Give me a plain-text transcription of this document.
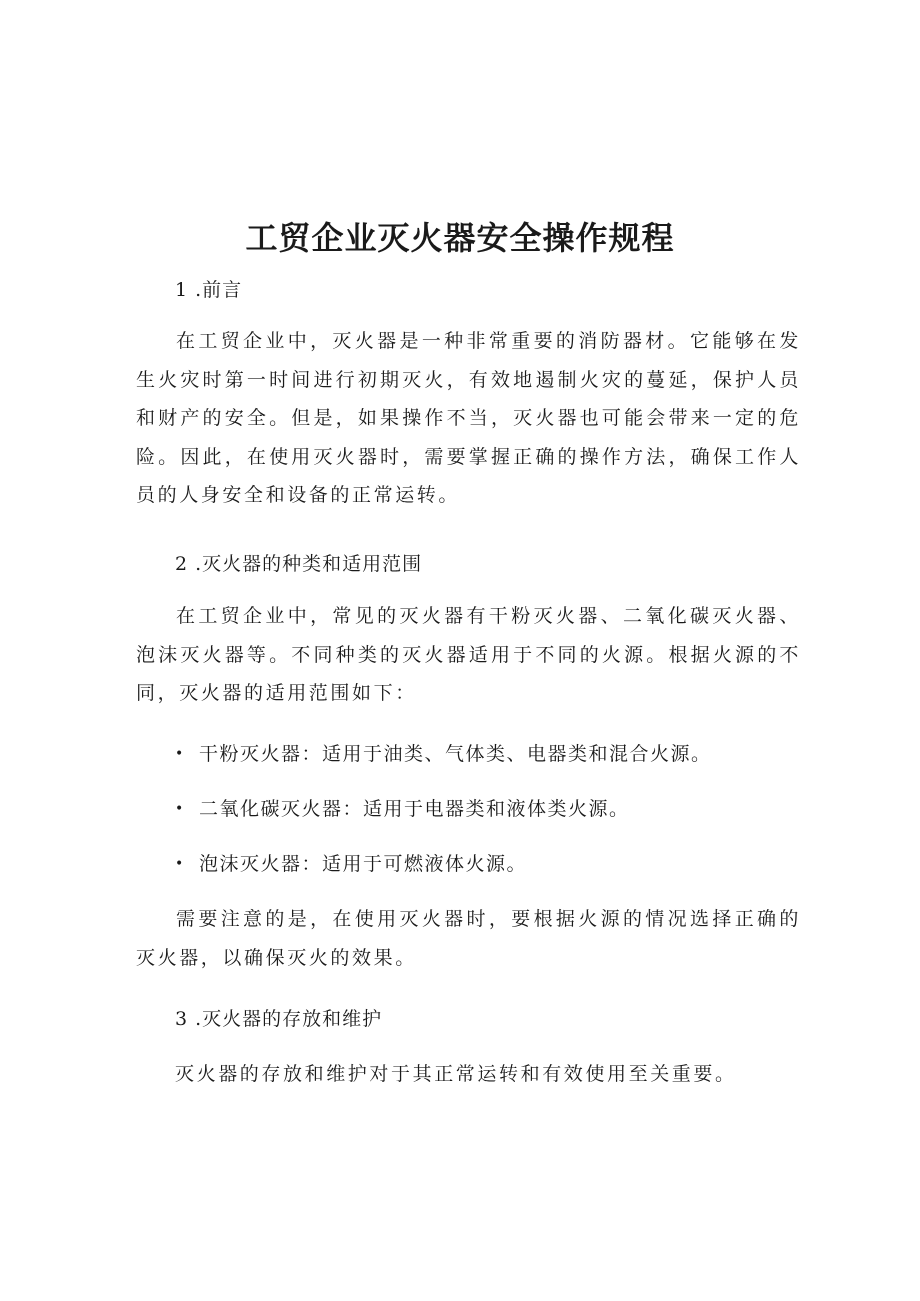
工贸企业灭火器安全操作规程

1 .前言

在工贸企业中，灭火器是一种非常重要的消防器材。它能够在发生火灾时第一时间进行初期灭火，有效地遏制火灾的蔓延，保护人员和财产的安全。但是，如果操作不当，灭火器也可能会带来一定的危险。因此，在使用灭火器时，需要掌握正确的操作方法，确保工作人员的人身安全和设备的正常运转。

2 .灭火器的种类和适用范围

在工贸企业中，常见的灭火器有干粉灭火器、二氧化碳灭火器、泡沫灭火器等。不同种类的灭火器适用于不同的火源。根据火源的不同，灭火器的适用范围如下：

• 干粉灭火器：适用于油类、气体类、电器类和混合火源。
• 二氧化碳灭火器：适用于电器类和液体类火源。
• 泡沫灭火器：适用于可燃液体火源。

需要注意的是，在使用灭火器时，要根据火源的情况选择正确的灭火器，以确保灭火的效果。

3 .灭火器的存放和维护

灭火器的存放和维护对于其正常运转和有效使用至关重要。
